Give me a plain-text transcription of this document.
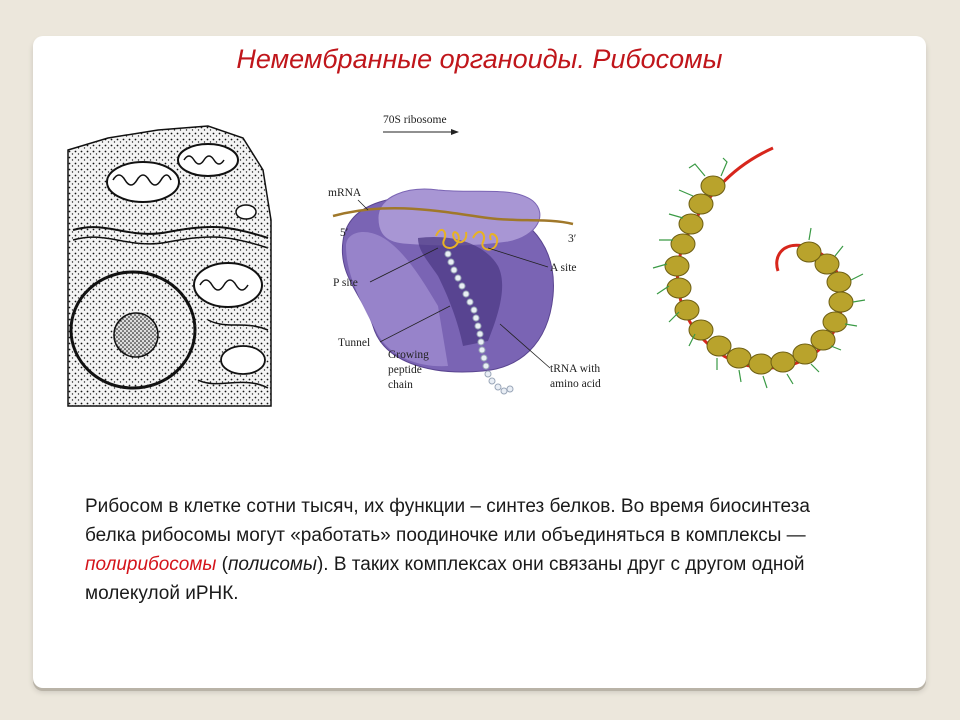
Немембранные органоиды. Рибосомы
70S ribosome
mRNA
5′	3′
P site
A site
Tunnel
tRNA with
amino acid
Growing
peptide
chain
Рибосом в клетке сотни тысяч, их функции – синтез белков. Во время биосинтеза белка рибосомы могут «работать» поодиночке или объединяться в комплексы — полирибосомы (полисомы). В таких комплексах они связаны друг с другом одной молекулой иРНК.
